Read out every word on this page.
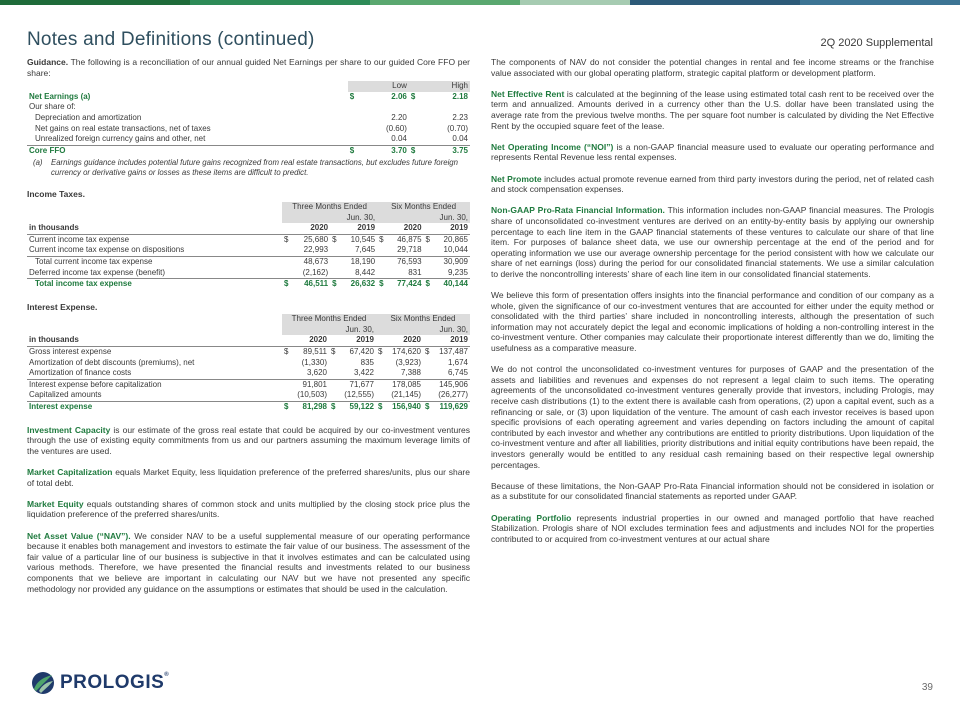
Notes and Definitions (continued)	2Q 2020 Supplemental

Guidance. The following is a reconciliation of our annual guided Net Earnings per share to our guided Core FFO per share:

		Low		High
Net Earnings (a)	$	2.06	$	2.18
Our share of:				
Depreciation and amortization		2.20		2.23
Net gains on real estate transactions, net of taxes		(0.60)		(0.70)
Unrealized foreign currency gains and other, net		0.04		0.04
Core FFO	$	3.70	$	3.75
(a)	Earnings guidance includes potential future gains recognized from real estate transactions, but excludes future foreign currency or derivative gains or losses as these items are difficult to predict.
Income Taxes.
	Three Months Ended				Six Months Ended			
	Jun. 30,				Jun. 30,			
in thousands		2020		2019		2020		2019
Current income tax expense	$	25,680	$	10,545	$	46,875	$	20,865
Current income tax expense on dispositions		22,993		7,645		29,718		10,044
Total current income tax expense		48,673		18,190		76,593		30,909
Deferred income tax expense (benefit)		(2,162)		8,442		831		9,235
Total income tax expense	$	46,511	$	26,632	$	77,424	$	40,144
Interest Expense.
	Three Months Ended				Six Months Ended			
	Jun. 30,				Jun. 30,			
in thousands		2020		2019		2020		2019
Gross interest expense	$	89,511	$	67,420	$	174,620	$	137,487
Amortization of debt discounts (premiums), net		(1,330)		835		(3,923)		1,674
Amortization of finance costs		3,620		3,422		7,388		6,745
Interest expense before capitalization		91,801		71,677		178,085		145,906
Capitalized amounts		(10,503)		(12,555)		(21,145)		(26,277)
Interest expense	$	81,298	$	59,122	$	156,940	$	119,629

Investment Capacity is our estimate of the gross real estate that could be acquired by our co-investment ventures through the use of existing equity commitments from us and our partners assuming the maximum leverage limits of the ventures are used.

Market Capitalization equals Market Equity, less liquidation preference of the preferred shares/units, plus our share of total debt.

Market Equity equals outstanding shares of common stock and units multiplied by the closing stock price plus the liquidation preference of the preferred shares/units.

Net Asset Value (“NAV”). We consider NAV to be a useful supplemental measure of our operating performance because it enables both management and investors to estimate the fair value of our business. The assessment of the fair value of a particular line of our business is subjective in that it involves estimates and can be calculated using various methods. Therefore, we have presented the financial results and investments related to our business components that we believe are important in calculating our NAV but we have not presented any specific methodology nor provided any guidance on the assumptions or estimates that should be used in the calculation.

The components of NAV do not consider the potential changes in rental and fee income streams or the franchise value associated with our global operating platform, strategic capital platform or development platform.

Net Effective Rent is calculated at the beginning of the lease using estimated total cash rent to be received over the term and annualized. Amounts derived in a currency other than the U.S. dollar have been translated using the average rate from the previous twelve months. The per square foot number is calculated by dividing the Net Effective Rent by the occupied square feet of the lease.

Net Operating Income (“NOI”) is a non-GAAP financial measure used to evaluate our operating performance and represents Rental Revenue less rental expenses.

Net Promote includes actual promote revenue earned from third party investors during the period, net of related cash and stock compensation expenses.

Non-GAAP Pro-Rata Financial Information. This information includes non-GAAP financial measures. The Prologis share of unconsolidated co-investment ventures are derived on an entity-by-entity basis by applying our ownership percentage to each line item in the GAAP financial statements of these ventures to calculate our share of that line item. For purposes of balance sheet data, we use our ownership percentage at the end of the period and for operating information we use our average ownership percentage for the period consistent with how we calculate our share of net earnings (loss) during the period for our consolidated financial statements. We use a similar calculation to derive the noncontrolling interests’ share of each line item in our consolidated financial statements.

We believe this form of presentation offers insights into the financial performance and condition of our company as a whole, given the significance of our co-investment ventures that are accounted for either under the equity method or consolidated with the third parties’ share included in noncontrolling interests, although the presentation of such information may not accurately depict the legal and economic implications of holding a non-controlling interest in the co-investment venture. Other companies may calculate their proportionate interest differently than we do, limiting the usefulness as a comparative measure.

We do not control the unconsolidated co-investment ventures for purposes of GAAP and the presentation of the assets and liabilities and revenues and expenses do not represent a legal claim to such items. The operating agreements of the unconsolidated co-investment ventures generally provide that investors, including Prologis, may receive cash distributions (1) to the extent there is available cash from operations, (2) upon a capital event, such as a refinancing or sale, or (3) upon liquidation of the venture. The amount of cash each investor receives is based upon specific provisions of each operating agreement and varies depending on factors including the amount of capital contributed by each investor and whether any contributions are entitled to priority distributions. Upon liquidation of the co-investment venture and after all liabilities, priority distributions and initial equity contributions have been repaid, the investors generally would be entitled to any residual cash remaining based on their respective legal ownership percentages.

Because of these limitations, the Non-GAAP Pro-Rata Financial information should not be considered in isolation or as a substitute for our consolidated financial statements as reported under GAAP.

Operating Portfolio represents industrial properties in our owned and managed portfolio that have reached Stabilization. Prologis share of NOI excludes termination fees and adjustments and includes NOI for the properties contributed to or acquired from co-investment ventures at our actual share

PROLOGIS®
39
